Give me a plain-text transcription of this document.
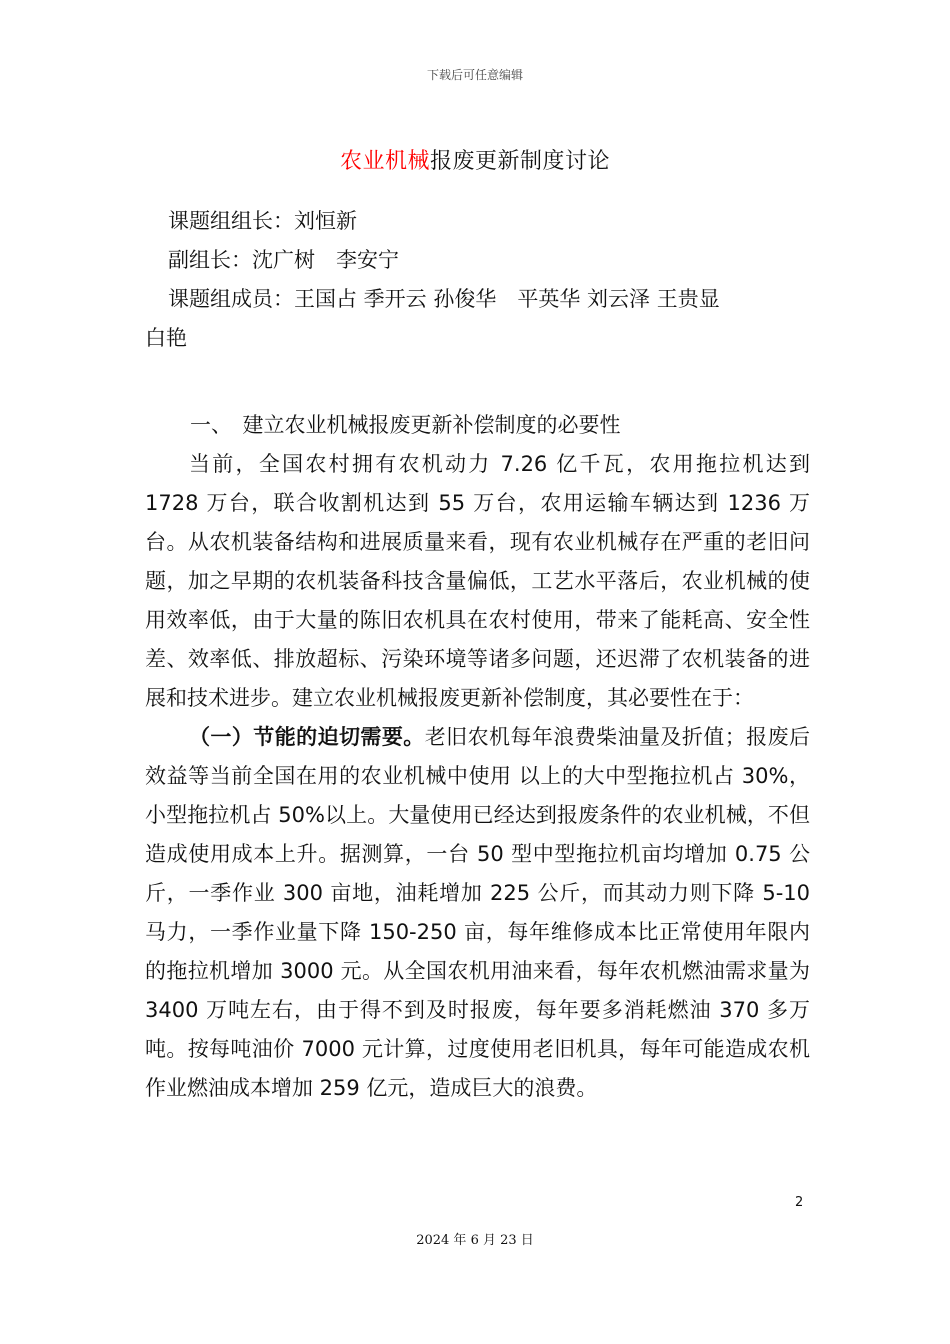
下载后可任意编辑
农业机械报废更新制度讨论
课题组组长：刘恒新
副组长：沈广树　李安宁
课题组成员：王国占 季开云 孙俊华　平英华 刘云泽 王贵显
白艳
一、　建立农业机械报废更新补偿制度的必要性

当前，全国农村拥有农机动力 7.26 亿千瓦，农用拖拉机达到 1728 万台，联合收割机达到 55 万台，农用运输车辆达到 1236 万台。从农机装备结构和进展质量来看，现有农业机械存在严重的老旧问题，加之早期的农机装备科技含量偏低，工艺水平落后，农业机械的使用效率低，由于大量的陈旧农机具在农村使用，带来了能耗高、安全性差、效率低、排放超标、污染环境等诸多问题，还迟滞了农机装备的进展和技术进步。建立农业机械报废更新补偿制度，其必要性在于：

（一）节能的迫切需要。老旧农机每年浪费柴油量及折值；报废后效益等当前全国在用的农业机械中使用 以上的大中型拖拉机占 30%，小型拖拉机占 50%以上。大量使用已经达到报废条件的农业机械，不但造成使用成本上升。据测算，一台 50 型中型拖拉机亩均增加 0.75 公斤，一季作业 300 亩地，油耗增加 225 公斤，而其动力则下降 5-10 马力，一季作业量下降 150-250 亩，每年维修成本比正常使用年限内的拖拉机增加 3000 元。从全国农机用油来看，每年农机燃油需求量为 3400 万吨左右，由于得不到及时报废，每年要多消耗燃油 370 多万吨。按每吨油价 7000 元计算，过度使用老旧机具，每年可能造成农机作业燃油成本增加 259 亿元，造成巨大的浪费。

2
2024 年 6 月 23 日
